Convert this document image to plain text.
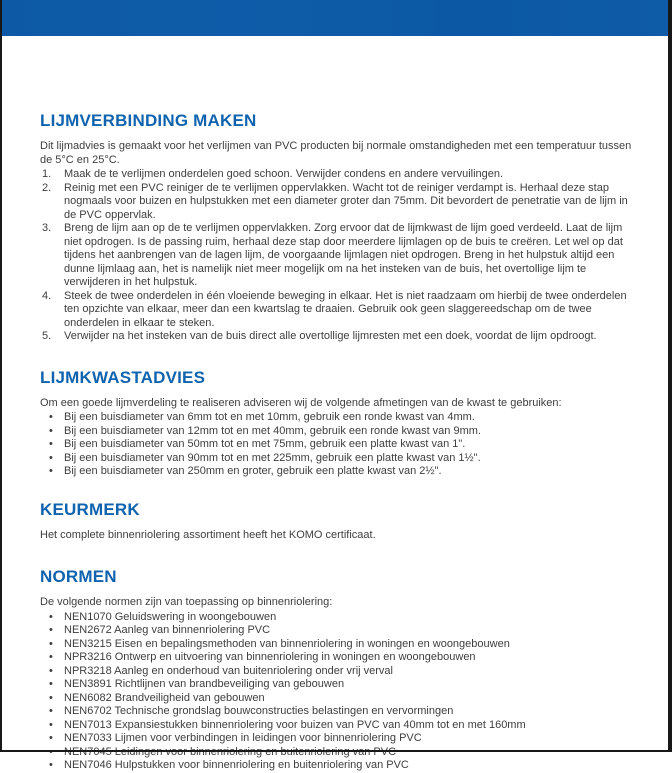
LIJMVERBINDING MAKEN

Dit lijmadvies is gemaakt voor het verlijmen van PVC producten bij normale omstandigheden met een temperatuur tussen de 5°C en 25°C.

Maak de te verlijmen onderdelen goed schoon. Verwijder condens en andere vervuilingen.
Reinig met een PVC reiniger de te verlijmen oppervlakken. Wacht tot de reiniger verdampt is. Herhaal deze stap nogmaals voor buizen en hulpstukken met een diameter groter dan 75mm. Dit bevordert de penetratie van de lijm in de PVC oppervlak.
Breng de lijm aan op de te verlijmen oppervlakken. Zorg ervoor dat de lijmkwast de lijm goed verdeeld. Laat de lijm niet opdrogen. Is de passing ruim, herhaal deze stap door meerdere lijmlagen op de buis te creëren. Let wel op dat tijdens het aanbrengen van de lagen lijm, de voorgaande lijmlagen niet opdrogen. Breng in het hulpstuk altijd een dunne lijmlaag aan, het is namelijk niet meer mogelijk om na het insteken van de buis, het overtollige lijm te verwijderen in het hulpstuk.
Steek de twee onderdelen in één vloeiende beweging in elkaar. Het is niet raadzaam om hierbij de twee onderdelen ten opzichte van elkaar, meer dan een kwartslag te draaien. Gebruik ook geen slaggereedschap om de twee onderdelen in elkaar te steken.
Verwijder na het insteken van de buis direct alle overtollige lijmresten met een doek, voordat de lijm opdroogt.
LIJMKWASTADVIES

Om een goede lijmverdeling te realiseren adviseren wij de volgende afmetingen van de kwast te gebruiken:

• Bij een buisdiameter van 6mm tot en met 10mm, gebruik een ronde kwast van 4mm.
• Bij een buisdiameter van 12mm tot en met 40mm, gebruik een ronde kwast van 9mm.
• Bij een buisdiameter van 50mm tot en met 75mm, gebruik een platte kwast van 1".
• Bij een buisdiameter van 90mm tot en met 225mm, gebruik een platte kwast van 1½".
• Bij een buisdiameter van 250mm en groter, gebruik een platte kwast van 2½".
KEURMERK

Het complete binnenriolering assortiment heeft het KOMO certificaat.

NORMEN

De volgende normen zijn van toepassing op binnenriolering:

• NEN1070 Geluidswering in woongebouwen
• NEN2672 Aanleg van binnenriolering PVC
• NEN3215 Eisen en bepalingsmethoden van binnenriolering in woningen en woongebouwen
• NPR3216 Ontwerp en uitvoering van binnenriolering in woningen en woongebouwen
• NPR3218 Aanleg en onderhoud van buitenriolering onder vrij verval
• NEN3891 Richtlijnen van brandbeveiliging van gebouwen
• NEN6082 Brandveiligheid van gebouwen
• NEN6702 Technische grondslag bouwconstructies belastingen en vervormingen
• NEN7013 Expansiestukken binnenriolering voor buizen van PVC van 40mm tot en met 160mm
• NEN7033 Lijmen voor verbindingen in leidingen voor binnenriolering PVC
•
• NEN7046 Hulpstukken voor binnenriolering en buitenriolering van PVC
